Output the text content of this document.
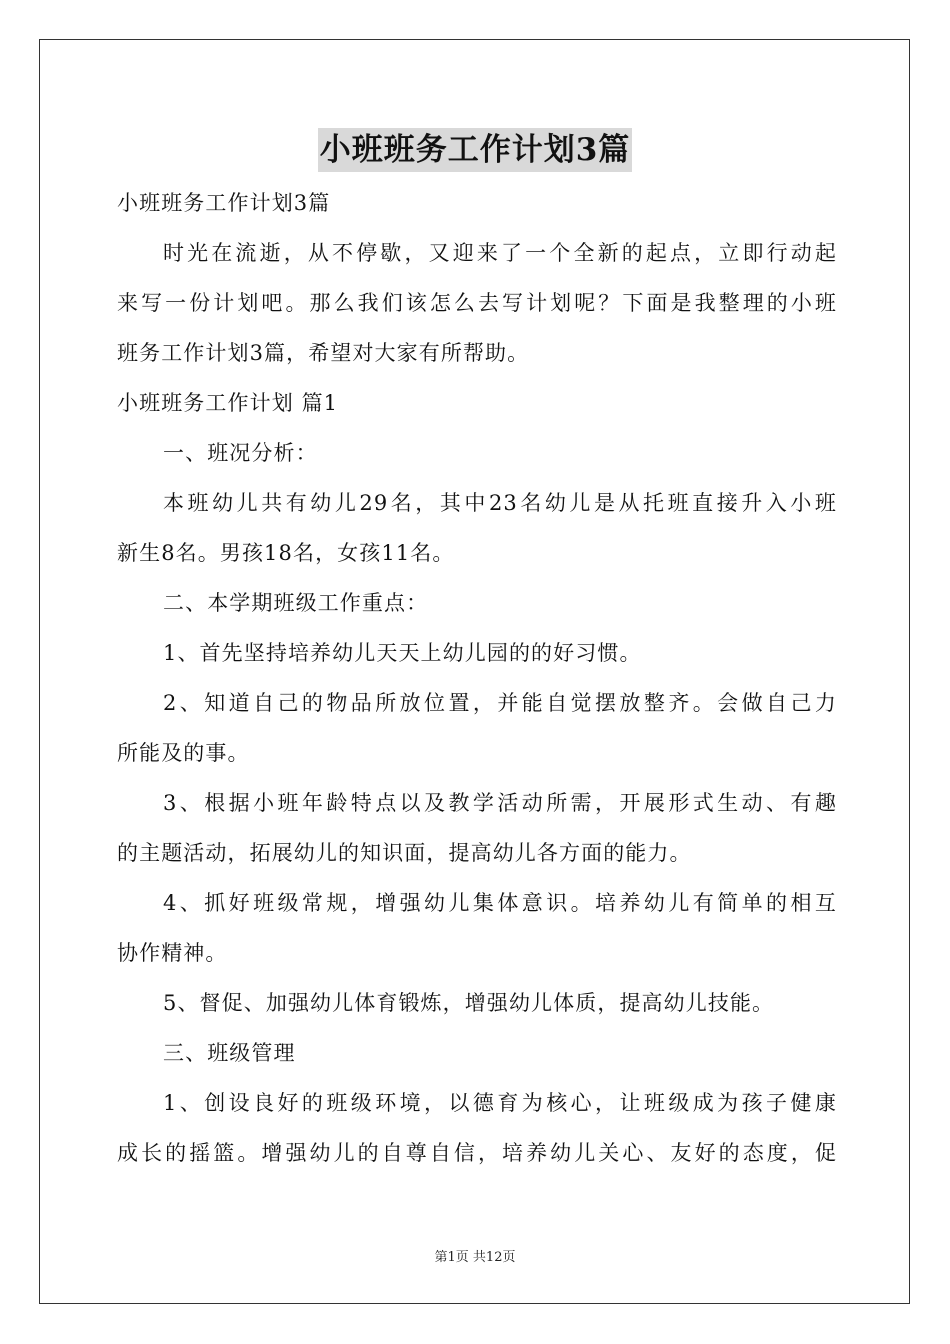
小班班务工作计划3篇
小班班务工作计划3篇
时光在流逝，从不停歇，又迎来了一个全新的起点，立即行动起
来写一份计划吧。那么我们该怎么去写计划呢？下面是我整理的小班
班务工作计划3篇，希望对大家有所帮助。
小班班务工作计划 篇1
一、班况分析：
本班幼儿共有幼儿29名，其中23名幼儿是从托班直接升入小班
新生8名。男孩18名，女孩11名。
二、本学期班级工作重点：
1、首先坚持培养幼儿天天上幼儿园的的好习惯。
2、知道自己的物品所放位置，并能自觉摆放整齐。会做自己力
所能及的事。
3、根据小班年龄特点以及教学活动所需，开展形式生动、有趣
的主题活动，拓展幼儿的知识面，提高幼儿各方面的能力。
4、抓好班级常规，增强幼儿集体意识。培养幼儿有简单的相互
协作精神。
5、督促、加强幼儿体育锻炼，增强幼儿体质，提高幼儿技能。
三、班级管理
1、创设良好的班级环境，以德育为核心，让班级成为孩子健康
成长的摇篮。增强幼儿的自尊自信，培养幼儿关心、友好的态度，促
第1页 共12页
